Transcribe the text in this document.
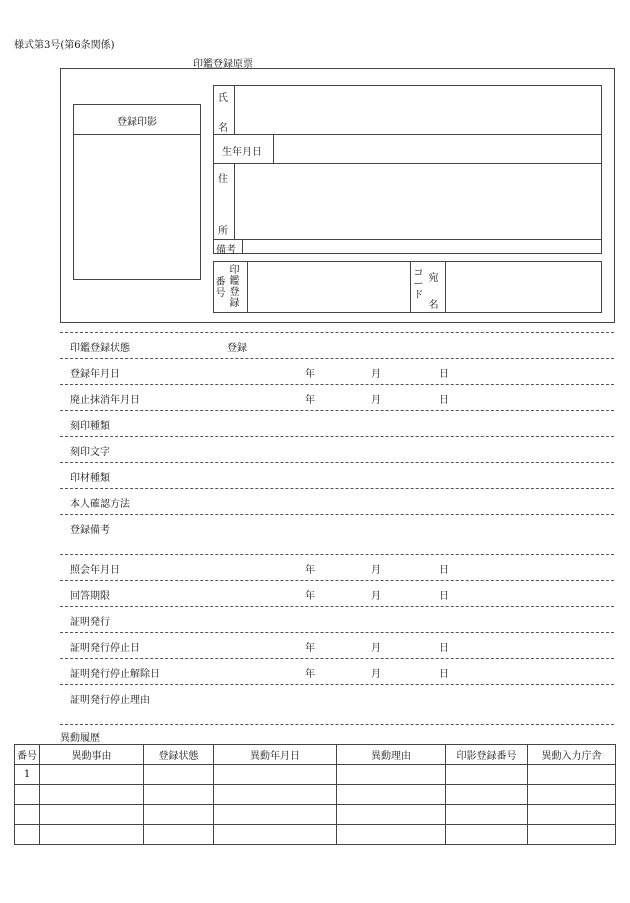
様式第3号(第6条関係)
印鑑登録原票
登録印影
氏
名
生年月日
住
所
備考
番号
印鑑登録
コード
宛名
印鑑登録状態	登録
登録年月日	年	月	日
廃止抹消年月日	年	月	日
刻印種類
刻印文字
印材種類
本人確認方法
登録備考
照会年月日	年	月	日
回答期限	年	月	日
証明発行
証明発行停止日	年	月	日
証明発行停止解除日	年	月	日
証明発行停止理由
異動履歴
番号	異動事由	登録状態	異動年月日	異動理由	印影登録番号	異動入力庁舎
1						
